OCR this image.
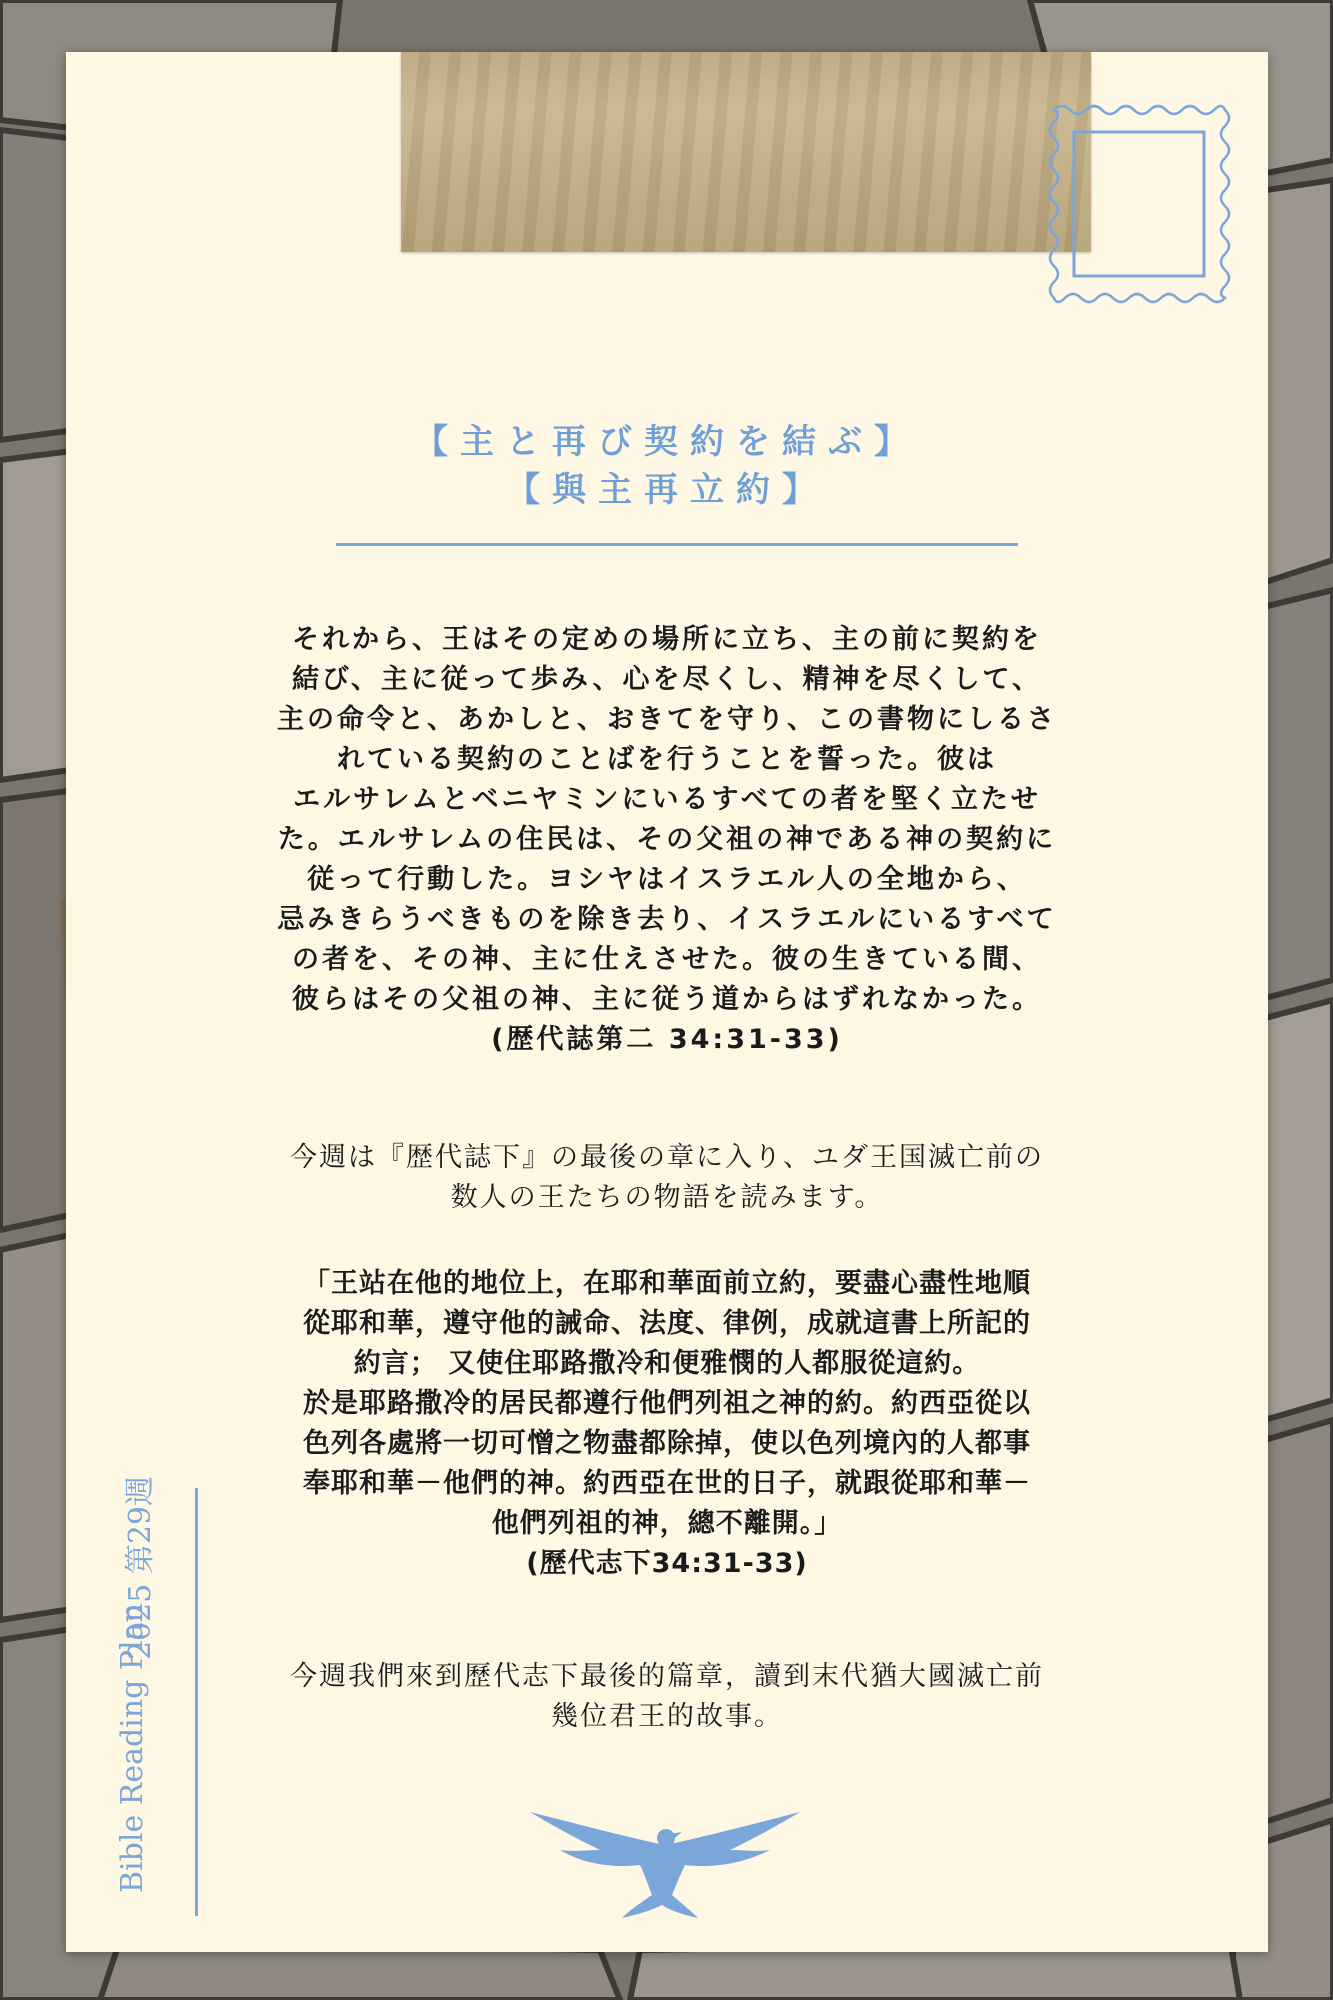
【主と再び契約を結ぶ】
【與主再立約】
それから、王はその定めの場所に立ち、主の前に契約を
結び、主に従って歩み、心を尽くし、精神を尽くして、
主の命令と、あかしと、おきてを守り、この書物にしるさ
れている契約のことばを行うことを誓った。彼は
エルサレムとベニヤミンにいるすべての者を堅く立たせ
た。エルサレムの住民は、その父祖の神である神の契約に
従って行動した。ヨシヤはイスラエル人の全地から、
忌みきらうべきものを除き去り、イスラエルにいるすべて
の者を、その神、主に仕えさせた。彼の生きている間、
彼らはその父祖の神、主に従う道からはずれなかった。
(歴代誌第二 34:31-33)
今週は『歴代誌下』の最後の章に入り、ユダ王国滅亡前の
数人の王たちの物語を読みます。
「王站在他的地位上，在耶和華面前立約，要盡心盡性地順
從耶和華，遵守他的誡命、法度、律例，成就這書上所記的
約言； 又使住耶路撒冷和便雅憫的人都服從這約。
於是耶路撒冷的居民都遵行他們列祖之神的約。約西亞從以
色列各處將一切可憎之物盡都除掉，使以色列境內的人都事
奉耶和華－他們的神。約西亞在世的日子，就跟從耶和華－
他們列祖的神，總不離開。」
(歷代志下34:31-33)
今週我們來到歷代志下最後的篇章，讀到末代猶大國滅亡前
幾位君王的故事。
2025 第29週
Bible Reading Plan
